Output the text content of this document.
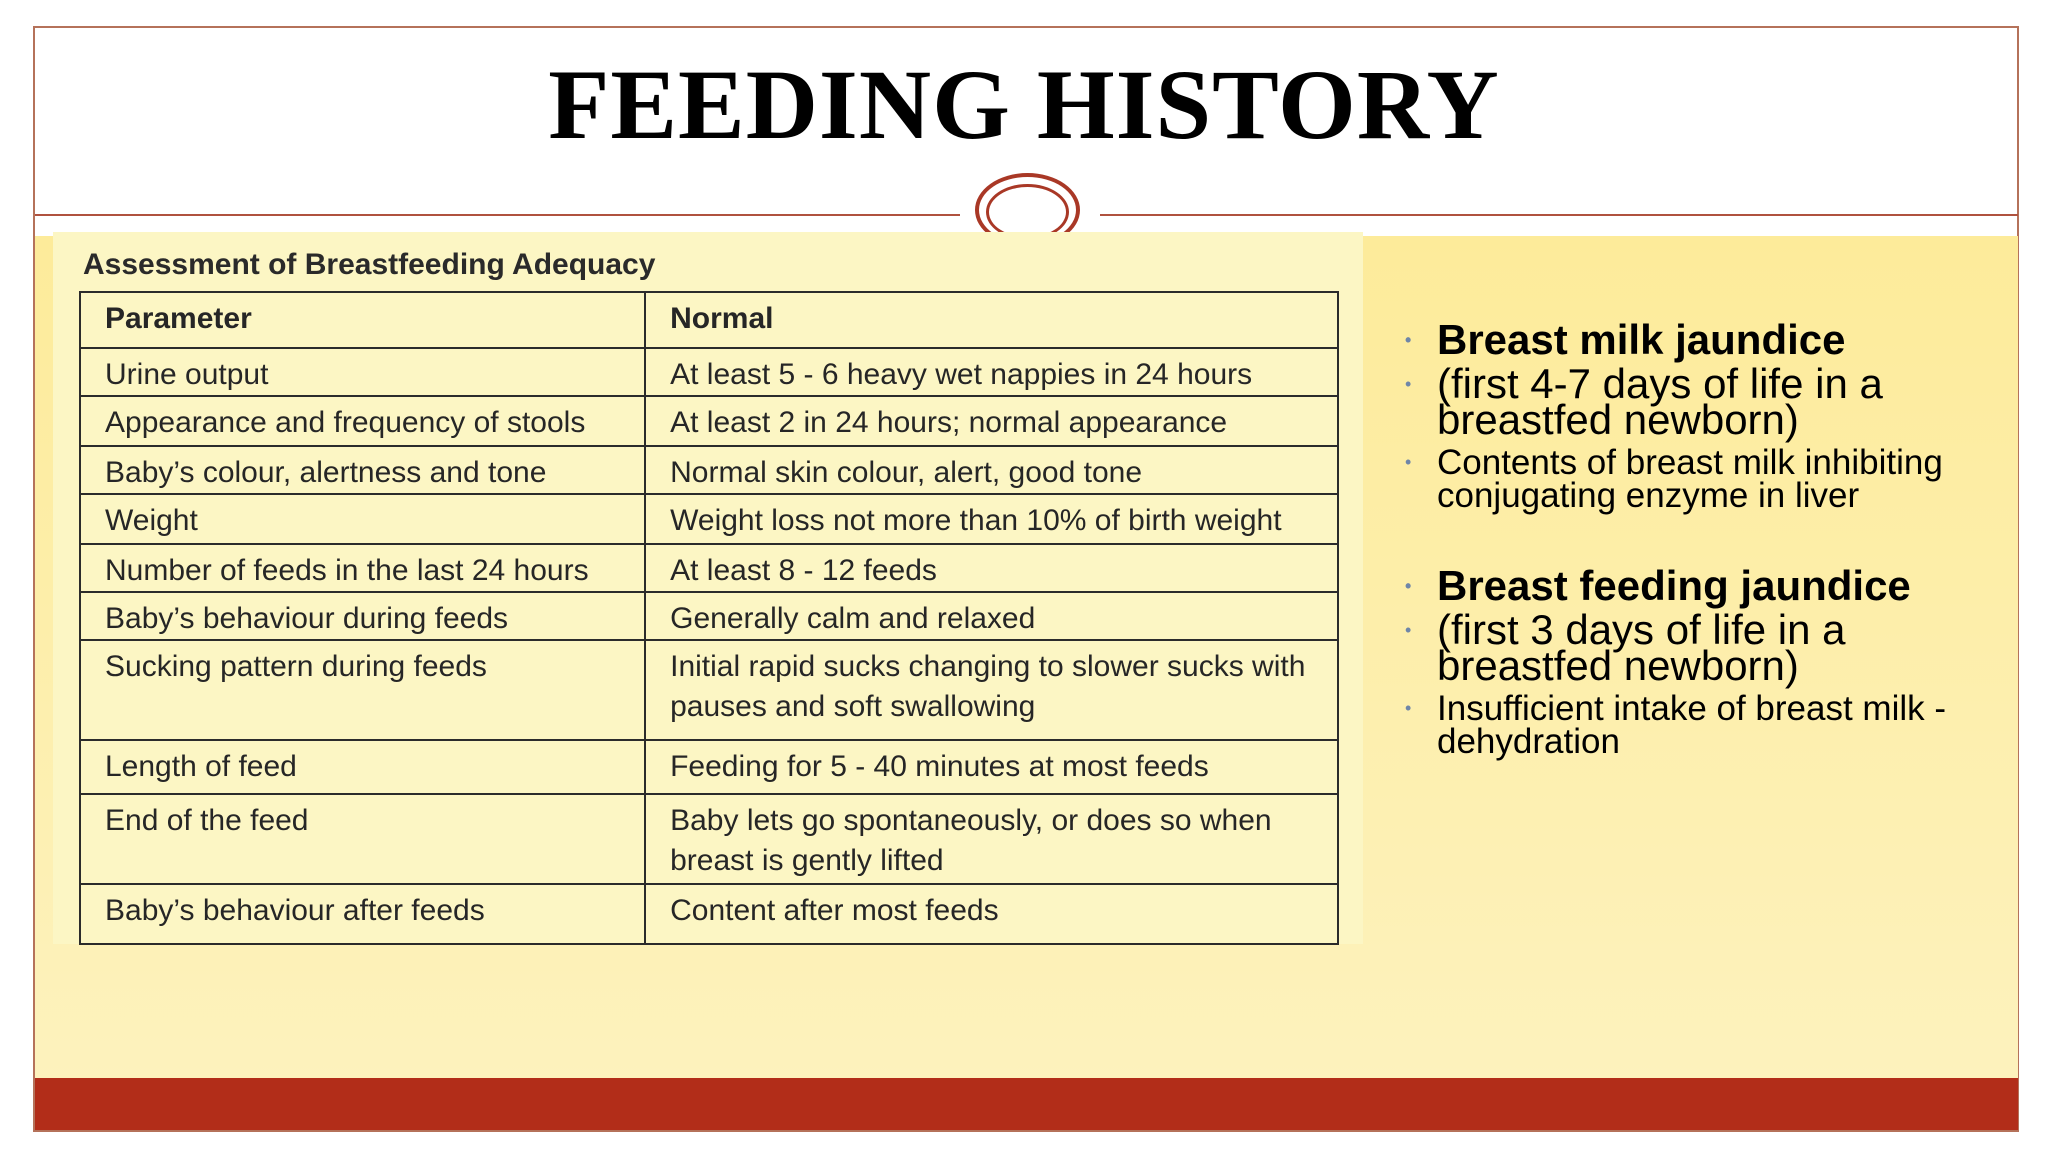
FEEDING HISTORY
Assessment of Breastfeeding Adequacy
Parameter	Normal
Urine output	At least 5 - 6 heavy wet nappies in 24 hours
Appearance and frequency of stools	At least 2 in 24 hours; normal appearance
Baby’s colour, alertness and tone	Normal skin colour, alert, good tone
Weight	Weight loss not more than 10% of birth weight
Number of feeds in the last 24 hours	At least 8 - 12 feeds
Baby’s behaviour during feeds	Generally calm and relaxed
Sucking pattern during feeds	Initial rapid sucks changing to slower sucks with pauses and soft swallowing
Length of feed	Feeding for 5 - 40 minutes at most feeds
End of the feed	Baby lets go spontaneously, or does so when breast is gently lifted
Baby’s behaviour after feeds	Content after most feeds
• Breast milk jaundice
• (first 4-7 days of life in a breastfed newborn)
• Contents of breast milk inhibiting conjugating enzyme in liver
• Breast feeding jaundice
• (first 3 days of life in a breastfed newborn)
• Insufficient intake of breast milk - dehydration
